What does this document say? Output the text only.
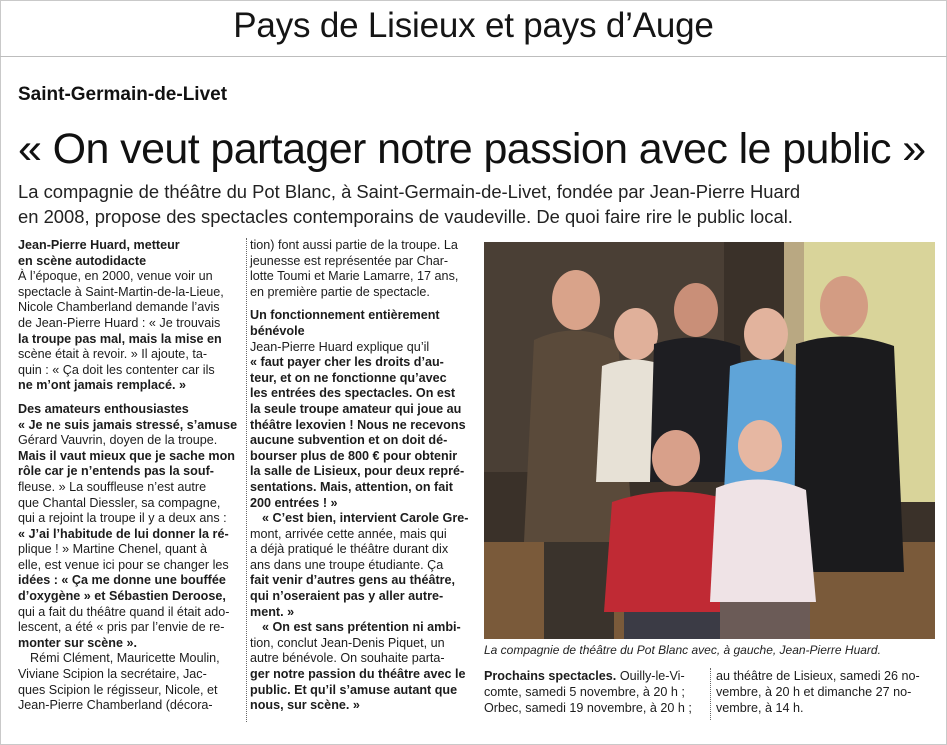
Pays de Lisieux et pays d’Auge
Saint-Germain-de-Livet
« On veut partager notre passion avec le public »
La compagnie de théâtre du Pot Blanc, à Saint-Germain-de-Livet, fondée par Jean-Pierre Huard
en 2008, propose des spectacles contemporains de vaudeville. De quoi faire rire le public local.
Jean-Pierre Huard, metteur
en scène autodidacte
À l’époque, en 2000, venue voir un
spectacle à Saint-Martin-de-la-Lieue,
Nicole Chamberland demande l’avis
de Jean-Pierre Huard : « Je trouvais
la troupe pas mal, mais la mise en
scène était à revoir. » Il ajoute, ta-
quin : « Ça doit les contenter car ils
ne m’ont jamais remplacé. »
Des amateurs enthousiastes
« Je ne suis jamais stressé, s’amuse
Gérard Vauvrin, doyen de la troupe.
Mais il vaut mieux que je sache mon
rôle car je n’entends pas la souf-
fleuse. » La souffleuse n’est autre
que Chantal Diessler, sa compagne,
qui a rejoint la troupe il y a deux ans :
« J’ai l’habitude de lui donner la ré-
plique ! » Martine Chenel, quant à
elle, est venue ici pour se changer les
idées : « Ça me donne une bouffée
d’oxygène » et Sébastien Deroose,
qui a fait du théâtre quand il était ado-
lescent, a été « pris par l’envie de re-
monter sur scène ».
Rémi Clément, Mauricette Moulin,
Viviane Scipion la secrétaire, Jac-
ques Scipion le régisseur, Nicole, et
Jean-Pierre Chamberland (décora-
tion) font aussi partie de la troupe. La
jeunesse est représentée par Char-
lotte Toumi et Marie Lamarre, 17 ans,
en première partie de spectacle.
Un fonctionnement entièrement
bénévole
Jean-Pierre Huard explique qu’il
« faut payer cher les droits d’au-
teur, et on ne fonctionne qu’avec
les entrées des spectacles. On est
la seule troupe amateur qui joue au
théâtre lexovien ! Nous ne recevons
aucune subvention et on doit dé-
bourser plus de 800 € pour obtenir
la salle de Lisieux, pour deux repré-
sentations. Mais, attention, on fait
200 entrées ! »
« C’est bien, intervient Carole Gre-
mont, arrivée cette année, mais qui
a déjà pratiqué le théâtre durant dix
ans dans une troupe étudiante. Ça
fait venir d’autres gens au théâtre,
qui n’oseraient pas y aller autre-
ment. »
« On est sans prétention ni ambi-
tion, conclut Jean-Denis Piquet, un
autre bénévole. On souhaite parta-
ger notre passion du théâtre avec le
public. Et qu’il s’amuse autant que
nous, sur scène. »
La compagnie de théâtre du Pot Blanc avec, à gauche, Jean-Pierre Huard.
Prochains spectacles. Ouilly-le-Vi-
comte, samedi 5 novembre, à 20 h ;
Orbec, samedi 19 novembre, à 20 h ;
au théâtre de Lisieux, samedi 26 no-
vembre, à 20 h et dimanche 27 no-
vembre, à 14 h.
